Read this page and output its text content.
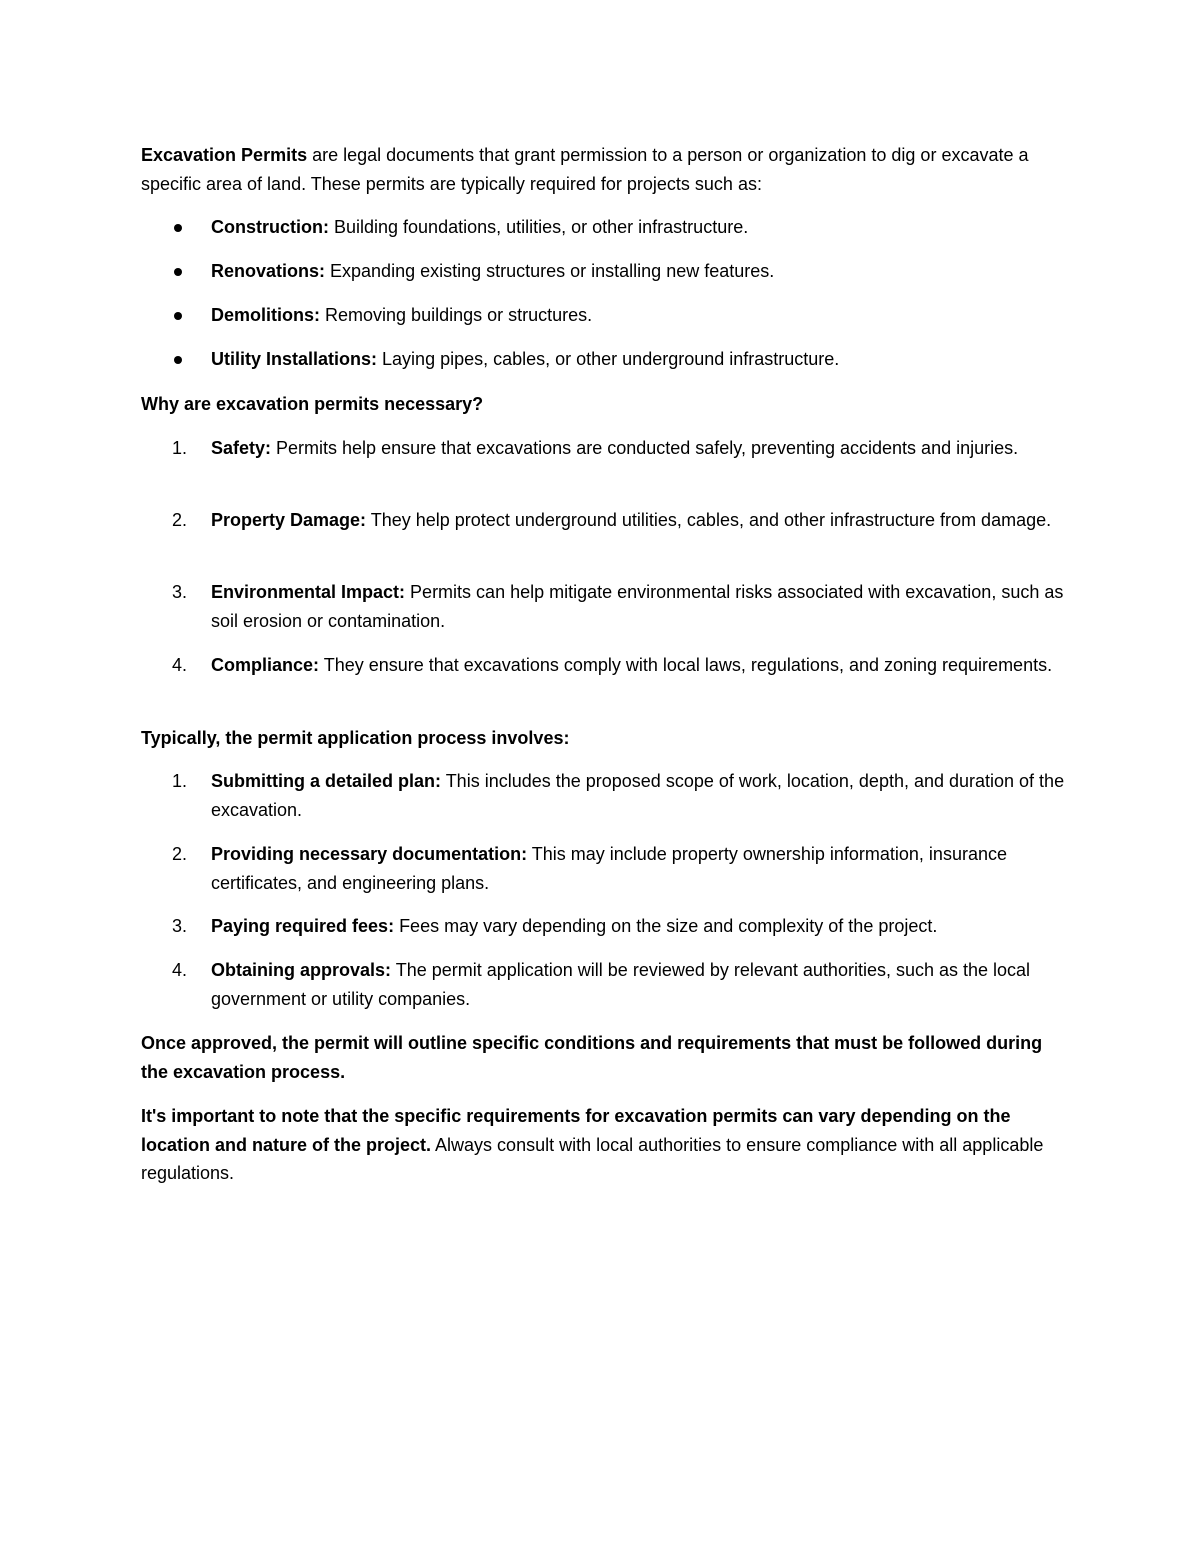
Excavation Permits are legal documents that grant permission to a person or organization to dig or excavate a specific area of land. These permits are typically required for projects such as:

Construction: Building foundations, utilities, or other infrastructure.

Renovations: Expanding existing structures or installing new features.

Demolitions: Removing buildings or structures.

Utility Installations: Laying pipes, cables, or other underground infrastructure.

Why are excavation permits necessary?

1. Safety: Permits help ensure that excavations are conducted safely, preventing accidents and injuries.

2. Property Damage: They help protect underground utilities, cables, and other infrastructure from damage.

3. Environmental Impact: Permits can help mitigate environmental risks associated with excavation, such as soil erosion or contamination.

4. Compliance: They ensure that excavations comply with local laws, regulations, and zoning requirements.

Typically, the permit application process involves:

1. Submitting a detailed plan: This includes the proposed scope of work, location, depth, and duration of the excavation.

2. Providing necessary documentation: This may include property ownership information, insurance certificates, and engineering plans.

3. Paying required fees: Fees may vary depending on the size and complexity of the project.

4. Obtaining approvals: The permit application will be reviewed by relevant authorities, such as the local government or utility companies.

Once approved, the permit will outline specific conditions and requirements that must be followed during the excavation process.

It's important to note that the specific requirements for excavation permits can vary depending on the location and nature of the project. Always consult with local authorities to ensure compliance with all applicable regulations.
